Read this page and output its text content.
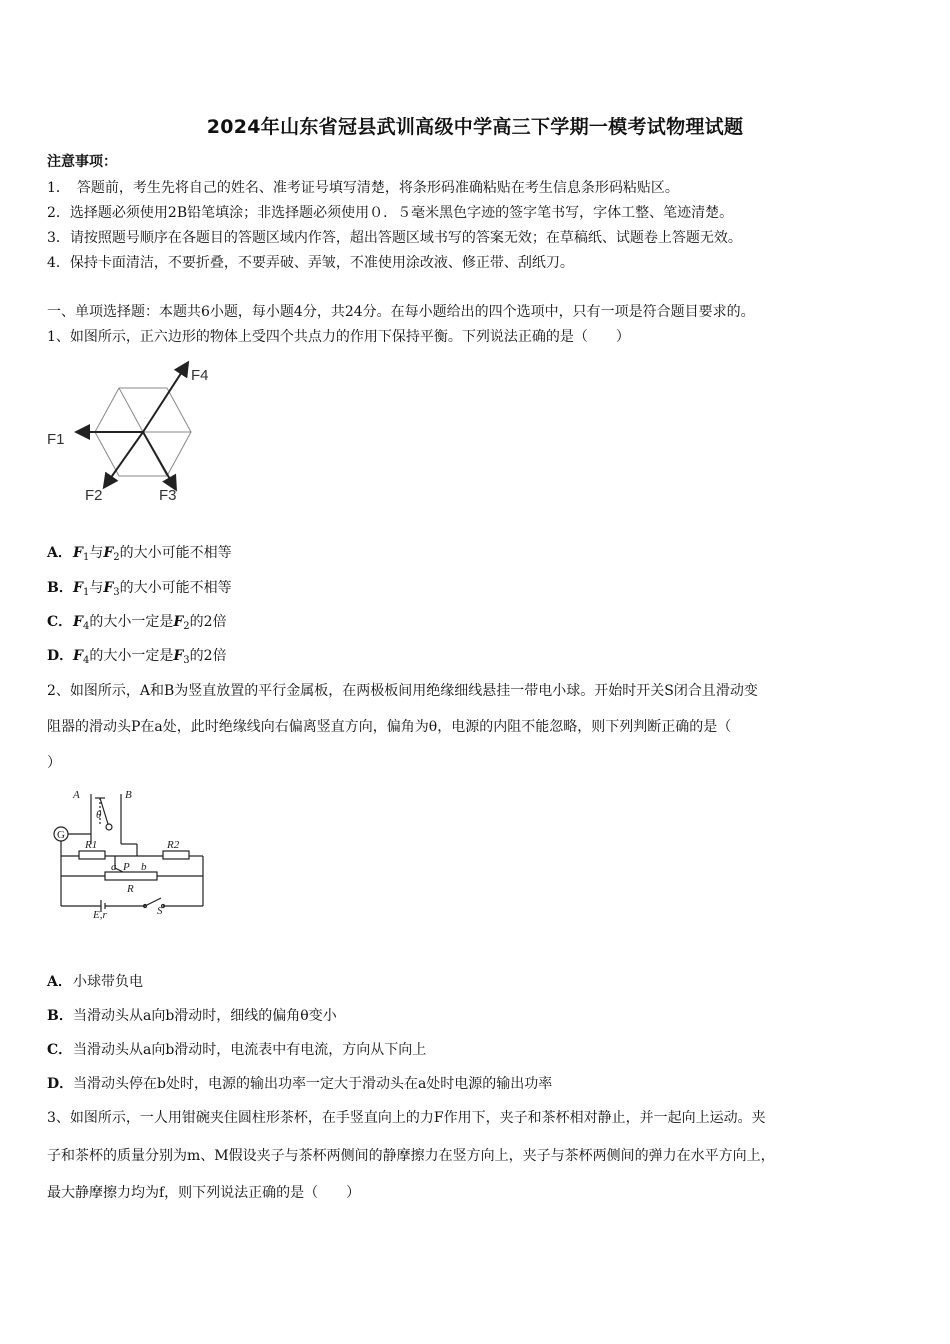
2024年山东省冠县武训高级中学高三下学期一模考试物理试题
注意事项：
1．　答题前，考生先将自己的姓名、准考证号填写清楚，将条形码准确粘贴在考生信息条形码粘贴区。
2．选择题必须使用2B铅笔填涂；非选择题必须使用０．５毫米黑色字迹的签字笔书写，字体工整、笔迹清楚。
3．请按照题号顺序在各题目的答题区域内作答，超出答题区域书写的答案无效；在草稿纸、试题卷上答题无效。
4．保持卡面清洁，不要折叠，不要弄破、弄皱，不准使用涂改液、修正带、刮纸刀。
一、单项选择题：本题共6小题，每小题4分，共24分。在每小题给出的四个选项中，只有一项是符合题目要求的。
1、如图所示，正六边形的物体上受四个共点力的作用下保持平衡。下列说法正确的是（　　）
F1
F2	F3
F4
A．$F_1$与$F_2$的大小可能不相等
B．$F_1$与$F_3$的大小可能不相等
C．$F_4$的大小一定是$F_2$的2倍
D．$F_4$的大小一定是$F_3$的2倍
2、如图所示，A和B为竖直放置的平行金属板，在两极板间用绝缘细线悬挂一带电小球。开始时开关S闭合且滑动变
阻器的滑动头P在a处，此时绝缘线向右偏离竖直方向，偏角为θ，电源的内阻不能忽略，则下列判断正确的是（
）
A	B
θ
G
R1	R2
a P b
R
S
E,r
A．小球带负电
B．当滑动头从a向b滑动时，细线的偏角θ变小
C．当滑动头从a向b滑动时，电流表中有电流，方向从下向上
D．当滑动头停在b处时，电源的输出功率一定大于滑动头在a处时电源的输出功率
3、如图所示，一人用钳碗夹住圆柱形茶杯，在手竖直向上的力F作用下，夹子和茶杯相对静止，并一起向上运动。夹
子和茶杯的质量分别为m、M假设夹子与茶杯两侧间的静摩擦力在竖方向上，夹子与茶杯两侧间的弹力在水平方向上，
最大静摩擦力均为f，则下列说法正确的是（　　）
